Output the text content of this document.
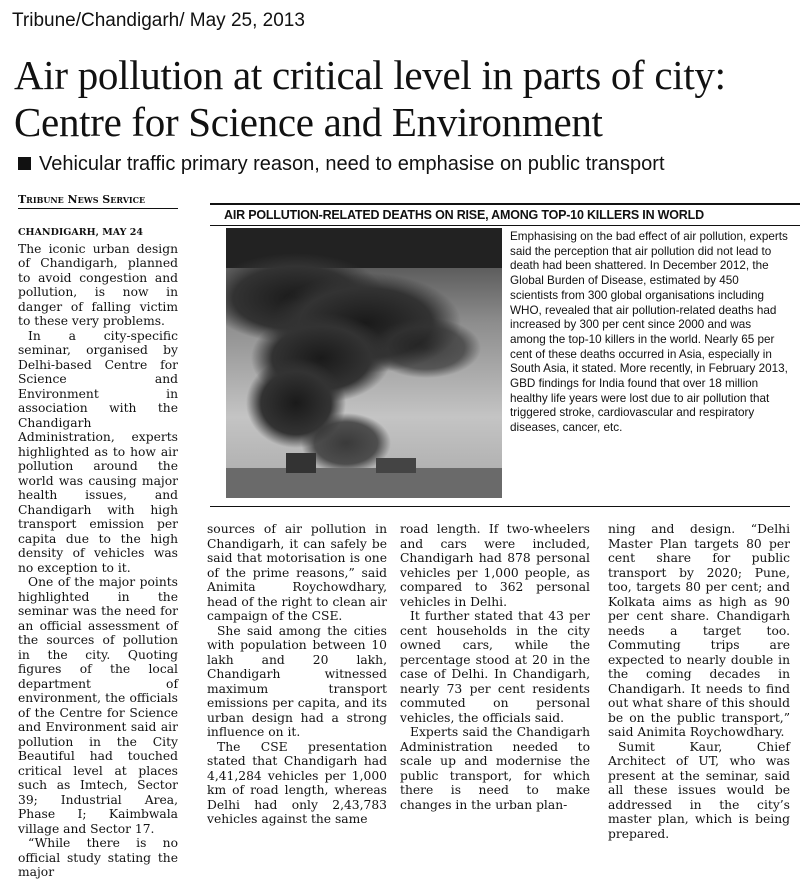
Tribune/Chandigarh/ May 25, 2013
Air pollution at critical level in parts of city: Centre for Science and Environment
Vehicular traffic primary reason, need to emphasise on public transport
Tribune News Service
CHANDIGARH, MAY 24

The iconic urban design of Chandigarh, planned to avoid congestion and pollution, is now in danger of falling victim to these very problems.

In a city-specific seminar, organised by Delhi-based Centre for Science and Environment in association with the Chandigarh Administration, experts highlighted as to how air pollution around the world was causing major health issues, and Chandigarh with high transport emission per capita due to the high density of vehicles was no exception to it.

One of the major points highlighted in the seminar was the need for an official assessment of the sources of pollution in the city. Quoting figures of the local department of environment, the officials of the Centre for Science and Environment said air pollution in the City Beautiful had touched critical level at places such as Imtech, Sector 39; Industrial Area, Phase I; Kaimbwala village and Sector 17.

“While there is no official study stating the major

AIR POLLUTION-RELATED DEATHS ON RISE, AMONG TOP-10 KILLERS IN WORLD
Emphasising on the bad effect of air pollution, experts said the perception that air pollution did not lead to death had been shattered. In December 2012, the Global Burden of Disease, estimated by 450 scientists from 300 global organisations including WHO, revealed that air pollution-related deaths had increased by 300 per cent since 2000 and was among the top-10 killers in the world. Nearly 65 per cent of these deaths occurred in Asia, especially in South Asia, it stated. More recently, in February 2013, GBD findings for India found that over 18 million healthy life years were lost due to air pollution that triggered stroke, cardiovascular and respiratory diseases, cancer, etc.

sources of air pollution in Chandigarh, it can safely be said that motorisation is one of the prime reasons,” said Animita Roychowdhary, head of the right to clean air campaign of the CSE.

She said among the cities with population between 10 lakh and 20 lakh, Chandigarh witnessed maximum transport emissions per capita, and its urban design had a strong influence on it.

The CSE presentation stated that Chandigarh had 4,41,284 vehicles per 1,000 km of road length, whereas Delhi had only 2,43,783 vehicles against the same

road length. If two-wheelers and cars were included, Chandigarh had 878 personal vehicles per 1,000 people, as compared to 362 personal vehicles in Delhi.

It further stated that 43 per cent households in the city owned cars, while the percentage stood at 20 in the case of Delhi. In Chandigarh, nearly 73 per cent residents commuted on personal vehicles, the officials said.

Experts said the Chandigarh Administration needed to scale up and modernise the public transport, for which there is need to make changes in the urban plan-

ning and design. “Delhi Master Plan targets 80 per cent share for public transport by 2020; Pune, too, targets 80 per cent; and Kolkata aims as high as 90 per cent share. Chandigarh needs a target too. Commuting trips are expected to nearly double in the coming decades in Chandigarh. It needs to find out what share of this should be on the public transport,” said Animita Roychowdhary.

Sumit Kaur, Chief Architect of UT, who was present at the seminar, said all these issues would be addressed in the city’s master plan, which is being prepared.
